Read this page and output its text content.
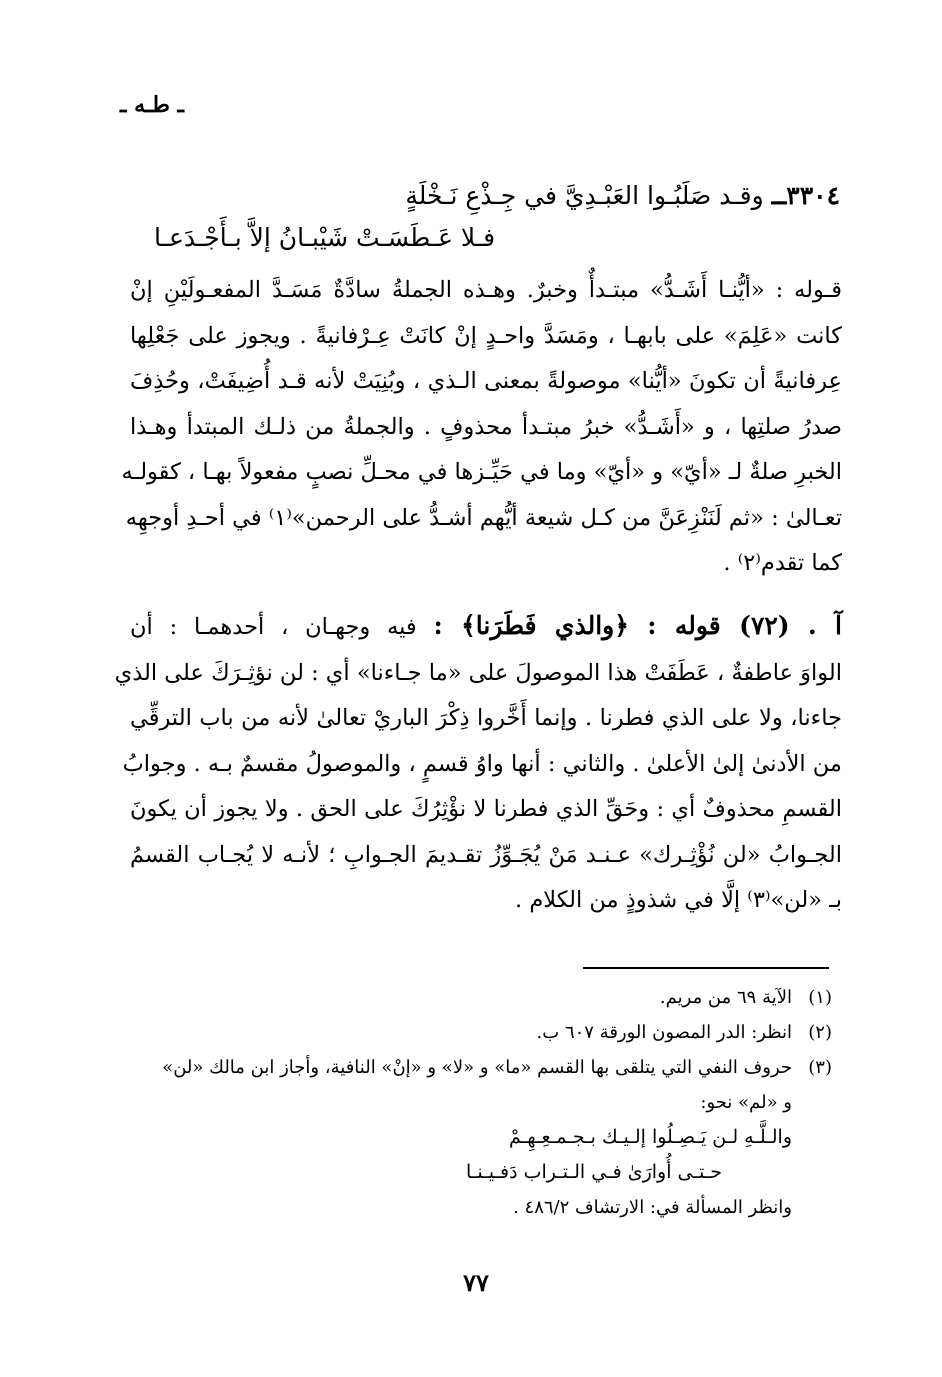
ـ طـه ـ
٣٣٠٤ــ وقـد صَلَبُـوا العَبْـدِيَّ في جِـذْعِ نَـخْلَةٍ
فـلا عَـطَسَـتْ شَيْبـانُ إلاَّ بـأَجْـدَعـا
قـوله : «أيُّنـا أَشَـدُّ» مبتـدأٌ وخبرٌ. وهـذه الجملةُ سادَّةٌ مَسَـدَّ المفعـولَيْنِ إنْ
كانت «عَلِمَ» على بابهـا ، ومَسَدَّ واحـدٍ إنْ كانَتْ عِـرْفانيةً . ويجوز على جَعْلِها
عِرفانيةً أن تكونَ «أيُّنا» موصولةً بمعنى الـذي ، وبُنِيَتْ لأنه قـد أُضِيفَتْ، وحُذِفَ
صدرُ صلتِها ، و «أَشَـدُّ» خبرُ مبتـدأ محذوفٍ . والجملةُ من ذلـك المبتدأ وهـذا
الخبرِ صلةٌ لـ «أيّ» و «أيّ» وما في حَيِّـزها في محـلِّ نصبٍ مفعولاً بهـا ، كقولـه
تعـالىٰ : «ثم لَنَنْزِعَنَّ من كـل شيعة أيُّهم أشـدُّ على الرحمن»⁽١⁾ في أحـدِ أوجهِه
كما تقدم⁽٢⁾ .
آ . (٧٢) قوله : ﴿والذي فَطَرَنا﴾ : فيه وجهـان ، أحدهمـا : أن
الواوَ عاطفةٌ ، عَطَفَتْ هذا الموصولَ على «ما جـاءنا» أي : لن نؤثِـرَكَ على الذي
جاءنا، ولا على الذي فطرنا . وإنما أَخَّروا ذِكْرَ الباريْ تعالىٰ لأنه من باب الترقِّي
من الأدنىٰ إلىٰ الأعلىٰ . والثاني : أنها واوُ قسمٍ ، والموصولُ مقسمٌ بـه . وجوابُ
القسمِ محذوفٌ أي : وحَقِّ الذي فطرنا لا نؤْثِرُكَ على الحق . ولا يجوز أن يكونَ
الجـوابُ «لن نُؤْثِـرك» عـنـد مَنْ يُجَـوِّزُ تقـديمَ الجـوابِ ؛ لأنـه لا يُجـاب القسمُ
بـ «لن»⁽٣⁾ إلَّا في شذوذٍ من الكلام .
(١)
الآية ٦٩ من مريم.
(٢)
انظر: الدر المصون الورقة ٦٠٧ ب.
(٣)
حروف النفي التي يتلقى بها القسم «ما» و «لا» و «إنْ» النافية، وأجاز ابن مالك «لن»
و «لم» نحو:
والـلَّـهِ لـن يَـصِـلُوا إلـيـك بـجـمـعِـهِـمْ
حـتـى أُوارَىٰ فـي الـتـراب دَفـيـنـا
وانظر المسألة في: الارتشاف ٤٨٦/٢ .
٧٧
